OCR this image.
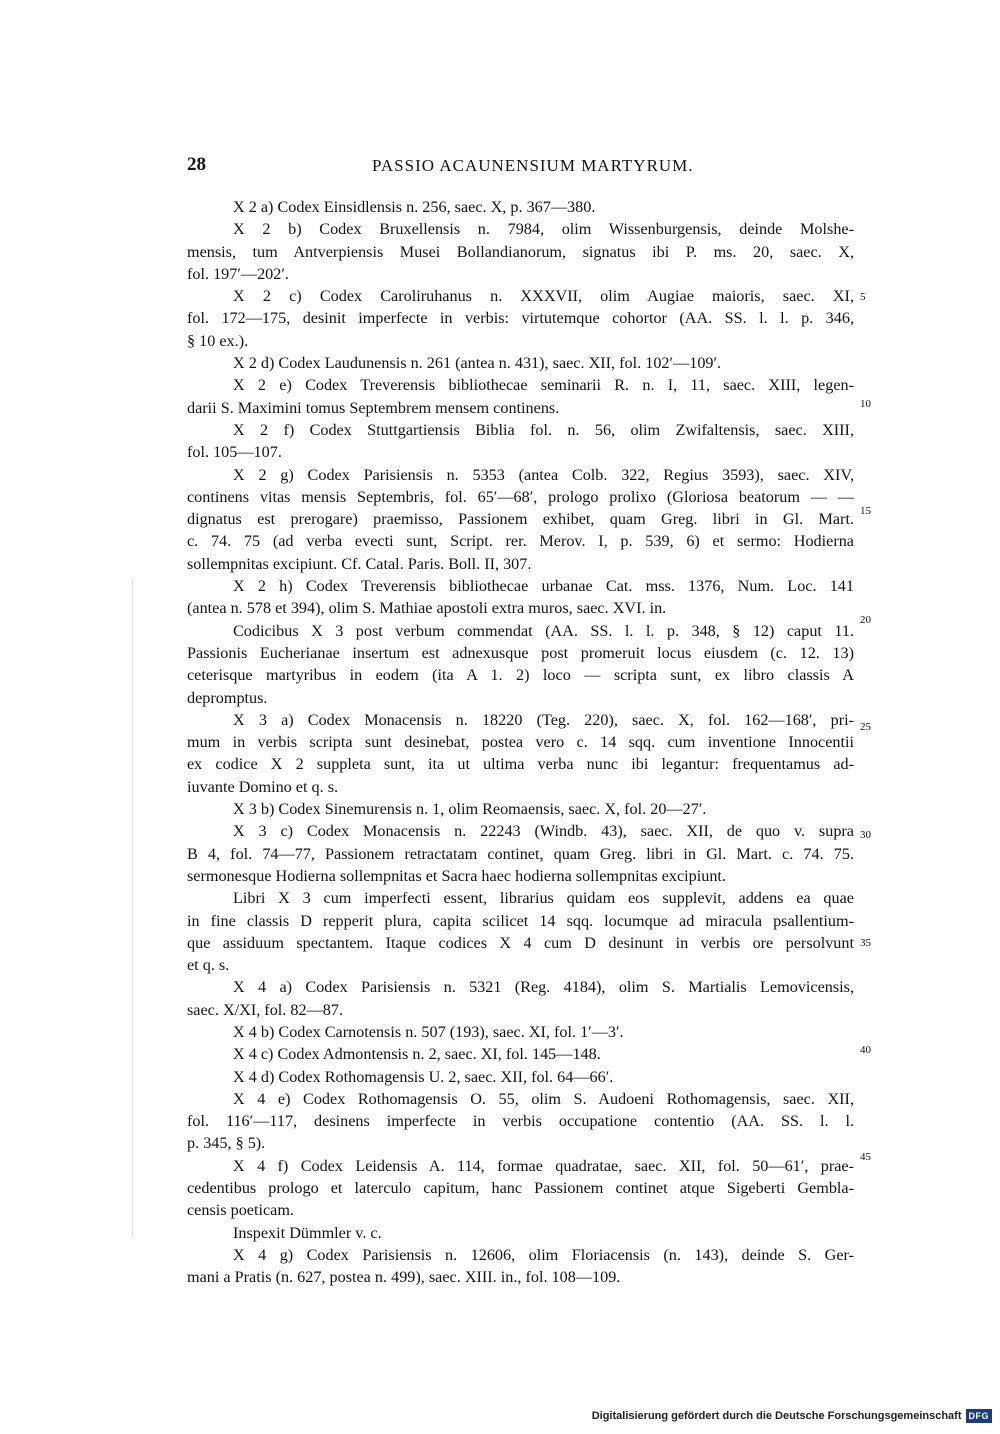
28	PASSIO ACAUNENSIUM MARTYRUM.
X 2 a) Codex Einsidlensis n. 256, saec. X, p. 367—380.
X 2 b) Codex Bruxellensis n. 7984, olim Wissenburgensis, deinde Molshe-
mensis, tum Antverpiensis Musei Bollandianorum, signatus ibi P. ms. 20, saec. X,
fol. 197′—202′.
X 2 c) Codex Caroliruhanus n. XXXVII, olim Augiae maioris, saec. XI,
fol. 172—175, desinit imperfecte in verbis: virtutemque cohortor (AA. SS. l. l. p. 346,
§ 10 ex.).
X 2 d) Codex Laudunensis n. 261 (antea n. 431), saec. XII, fol. 102′—109′.
X 2 e) Codex Treverensis bibliothecae seminarii R. n. I, 11, saec. XIII, legen-
darii S. Maximini tomus Septembrem mensem continens.
X 2 f) Codex Stuttgartiensis Biblia fol. n. 56, olim Zwifaltensis, saec. XIII,
fol. 105—107.
X 2 g) Codex Parisiensis n. 5353 (antea Colb. 322, Regius 3593), saec. XIV,
continens vitas mensis Septembris, fol. 65′—68′, prologo prolixo (Gloriosa beatorum — —
dignatus est prerogare) praemisso, Passionem exhibet, quam Greg. libri in Gl. Mart.
c. 74. 75 (ad verba evecti sunt, Script. rer. Merov. I, p. 539, 6) et sermo: Hodierna
sollempnitas excipiunt. Cf. Catal. Paris. Boll. II, 307.
X 2 h) Codex Treverensis bibliothecae urbanae Cat. mss. 1376, Num. Loc. 141
(antea n. 578 et 394), olim S. Mathiae apostoli extra muros, saec. XVI. in.
Codicibus X 3 post verbum commendat (AA. SS. l. l. p. 348, § 12) caput 11.
Passionis Eucherianae insertum est adnexusque post promeruit locus eiusdem (c. 12. 13)
ceterisque martyribus in eodem (ita A 1. 2) loco — scripta sunt, ex libro classis A
depromptus.
X 3 a) Codex Monacensis n. 18220 (Teg. 220), saec. X, fol. 162—168′, pri-
mum in verbis scripta sunt desinebat, postea vero c. 14 sqq. cum inventione Innocentii
ex codice X 2 suppleta sunt, ita ut ultima verba nunc ibi legantur: frequentamus ad-
iuvante Domino et q. s.
X 3 b) Codex Sinemurensis n. 1, olim Reomaensis, saec. X, fol. 20—27′.
X 3 c) Codex Monacensis n. 22243 (Windb. 43), saec. XII, de quo v. supra
B 4, fol. 74—77, Passionem retractatam continet, quam Greg. libri in Gl. Mart. c. 74. 75.
sermonesque Hodierna sollempnitas et Sacra haec hodierna sollempnitas excipiunt.
Libri X 3 cum imperfecti essent, librarius quidam eos supplevit, addens ea quae
in fine classis D repperit plura, capita scilicet 14 sqq. locumque ad miracula psallentium-
que assiduum spectantem. Itaque codices X 4 cum D desinunt in verbis ore persolvunt
et q. s.
X 4 a) Codex Parisiensis n. 5321 (Reg. 4184), olim S. Martialis Lemovicensis,
saec. X/XI, fol. 82—87.
X 4 b) Codex Carnotensis n. 507 (193), saec. XI, fol. 1′—3′.
X 4 c) Codex Admontensis n. 2, saec. XI, fol. 145—148.
X 4 d) Codex Rothomagensis U. 2, saec. XII, fol. 64—66′.
X 4 e) Codex Rothomagensis O. 55, olim S. Audoeni Rothomagensis, saec. XII,
fol. 116′—117, desinens imperfecte in verbis occupatione contentio (AA. SS. l. l.
p. 345, § 5).
X 4 f) Codex Leidensis A. 114, formae quadratae, saec. XII, fol. 50—61′, prae-
cedentibus prologo et laterculo capitum, hanc Passionem continet atque Sigeberti Gembla-
censis poeticam.
Inspexit Dümmler v. c.
X 4 g) Codex Parisiensis n. 12606, olim Floriacensis (n. 143), deinde S. Ger-
mani a Pratis (n. 627, postea n. 499), saec. XIII. in., fol. 108—109.
5
10
15
20
25
30
35
40
45
Digitalisierung gefördert durch die Deutsche Forschungsgemeinschaft DFG
